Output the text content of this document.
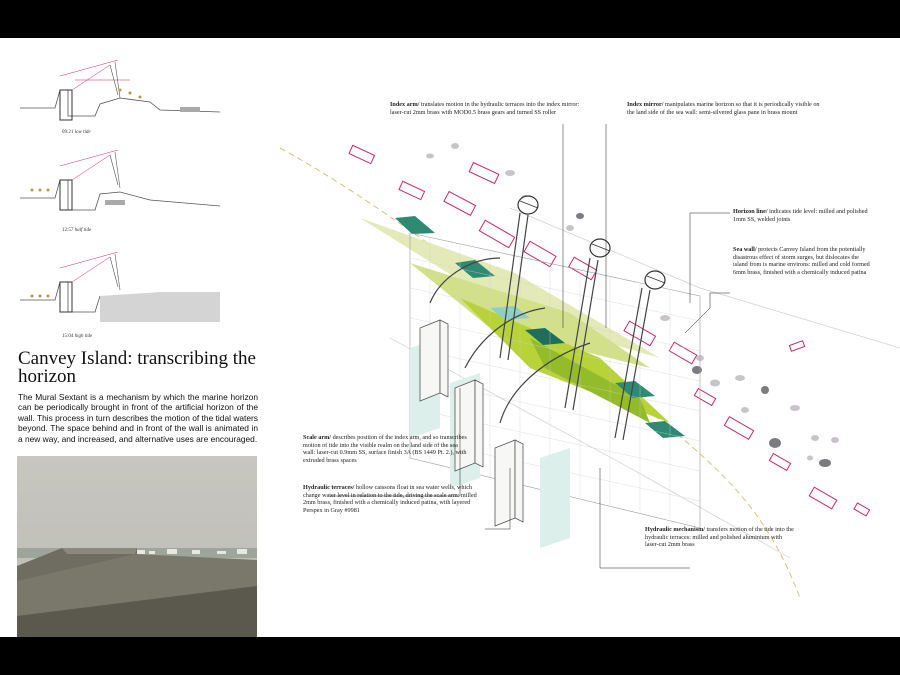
09:21 low tide
12:57 half tide
15:04 high tide
Canvey Island: transcribing the horizon

The Mural Sextant is a mechanism by which the marine horizon can be periodically brought in front of the artificial horizon of the wall. This process in turn describes the motion of the tidal waters beyond. The space behind and in front of the wall is animated in a new way, and increased, and alternative uses are encouraged.

Index arm/ translates motion in the hydraulic terraces into the index mirror: laser-cut 2mm brass with MOD0.5 brass gears and turned SS roller
Index mirror/ manipulates marine horizon so that it is periodically visible on the land side of the sea wall: semi-silvered glass pane in brass mount
Horizon line/ indicates tide level: milled and polished 1mm SS, welded joints
Sea wall/ protects Canvey Island from the potentially disastrous effect of storm surges, but dislocates the island from is marine environs: milled and cold formed 6mm brass, finished with a chemically induced patina
Scale arm/ describes position of the index arm, and so transcribes motion of tide into the visible realm on the land side of the sea wall: laser-cut 0.9mm SS, surface finish 3A (BS 1449 Pt. 2.), with extruded brass spaces
Hydraulic terraces/ hollow caissons float in sea water wells, which change water level in relation to the tide, driving the scale arm: milled 2mm brass, finished with a chemically induced patina, with layered Perspex in Gray #9981
Hydraulic mechanism/ transfers motion of the tide into the hydraulic terraces: milled and polished aluminium with laser-cut 2mm brass
